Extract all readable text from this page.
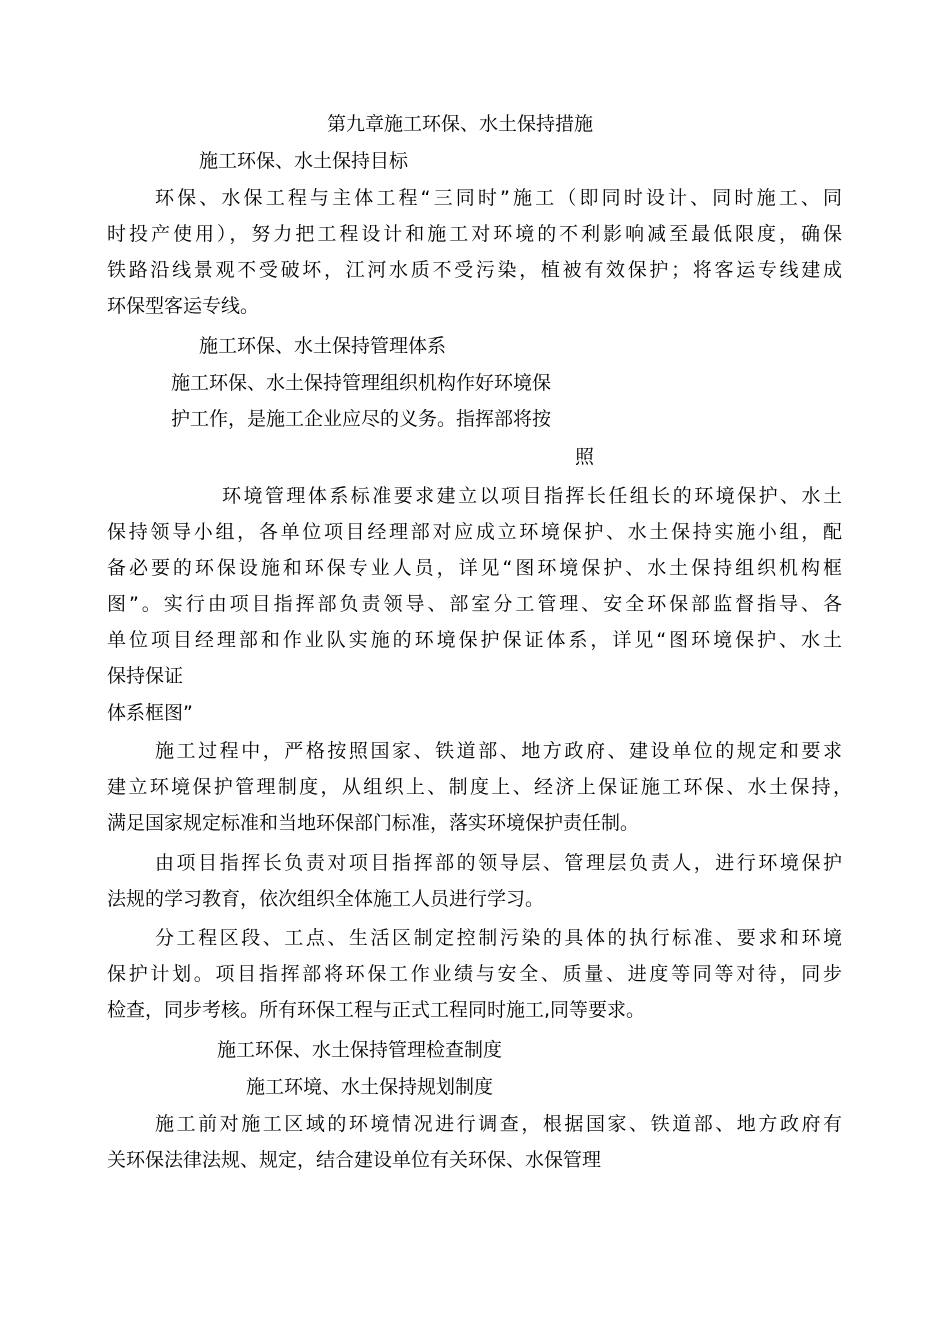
第九章施工环保、水土保持措施

施工环保、水土保持目标

环保、水保工程与主体工程“三同时”施工（即同时设计、同时施工、同

时投产使用），努力把工程设计和施工对环境的不利影响减至最低限度，确保

铁路沿线景观不受破坏，江河水质不受污染，植被有效保护；将客运专线建成

环保型客运专线。

施工环保、水土保持管理体系

施工环保、水土保持管理组织机构作好环境保

护工作，是施工企业应尽的义务。指挥部将按

照

环境管理体系标准要求建立以项目指挥长任组长的环境保护、水土

保持领导小组，各单位项目经理部对应成立环境保护、水土保持实施小组，配

备必要的环保设施和环保专业人员，详见“图环境保护、水土保持组织机构框

图”。实行由项目指挥部负责领导、部室分工管理、安全环保部监督指导、各

单位项目经理部和作业队实施的环境保护保证体系，详见“图环境保护、水土

保持保证

体系框图”

施工过程中，严格按照国家、铁道部、地方政府、建设单位的规定和要求

建立环境保护管理制度，从组织上、制度上、经济上保证施工环保、水土保持，

满足国家规定标准和当地环保部门标准，落实环境保护责任制。

由项目指挥长负责对项目指挥部的领导层、管理层负责人，进行环境保护

法规的学习教育，依次组织全体施工人员进行学习。

分工程区段、工点、生活区制定控制污染的具体的执行标准、要求和环境

保护计划。项目指挥部将环保工作业绩与安全、质量、进度等同等对待，同步

检查，同步考核。所有环保工程与正式工程同时施工,同等要求。

施工环保、水土保持管理检查制度

施工环境、水土保持规划制度

施工前对施工区域的环境情况进行调查，根据国家、铁道部、地方政府有

关环保法律法规、规定，结合建设单位有关环保、水保管理
